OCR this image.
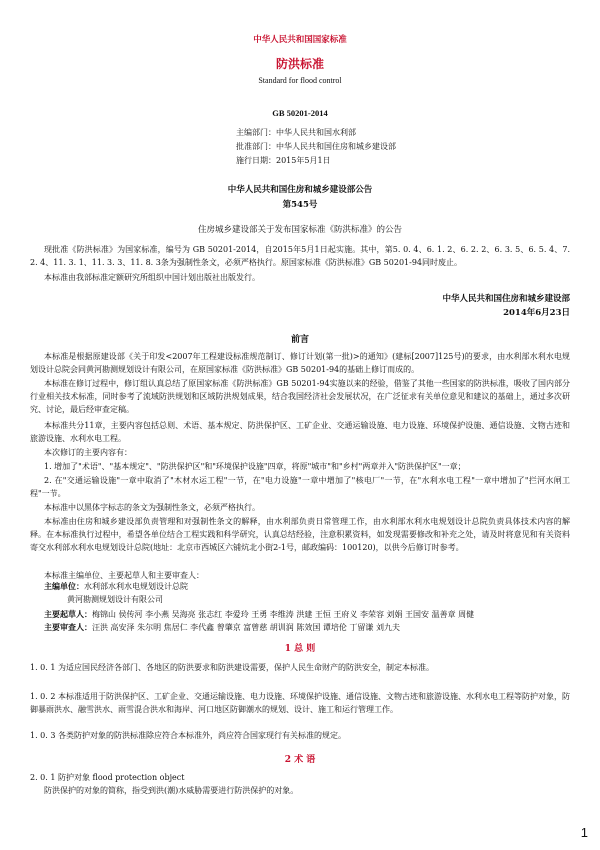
中华人民共和国国家标准
防洪标准
Standard for flood control
GB 50201-2014
主编部门：中华人民共和国水利部
批准部门：中华人民共和国住房和城乡建设部
施行日期：2015年5月1日
中华人民共和国住房和城乡建设部公告
第545号
住房城乡建设部关于发布国家标准《防洪标准》的公告
现批准《防洪标准》为国家标准，编号为 GB 50201-2014，自2015年5月1日起实施。其中，第5. 0. 4、6. 1. 2、6. 2. 2、6. 3. 5、6. 5. 4、7. 2. 4、11. 3. 1、11. 3. 3、11. 8. 3条为强制性条文，必须严格执行。原国家标准《防洪标准》GB 50201-94同时废止。
本标准由我部标准定额研究所组织中国计划出版社出版发行。
中华人民共和国住房和城乡建设部
2014年6月23日
前言
本标准是根据原建设部《关于印发<2007年工程建设标准规范制订、修订计划(第一批)>的通知》(建标[2007]125号)的要求，由水利部水利水电规划设计总院会同黄河勘测规划设计有限公司，在原国家标准《防洪标准》GB 50201-94的基础上修订而成的。
本标准在修订过程中，修订组认真总结了原国家标准《防洪标准》GB 50201-94实施以来的经验，借鉴了其他一些国家的防洪标准，吸收了国内部分行业相关技术标准，同时参考了流域防洪规划和区域防洪规划成果，结合我国经济社会发展状况，在广泛征求有关单位意见和建议的基础上，通过多次研究、讨论，最后经审查定稿。
本标准共分11章，主要内容包括总则、术语、基本规定、防洪保护区、工矿企业、交通运输设施、电力设施、环境保护设施、通信设施、文物古迹和旅游设施、水利水电工程。
本次修订的主要内容有：
1. 增加了"术语"、"基本规定"、"防洪保护区"和"环境保护设施"四章，将原"城市"和"乡村"两章并入"防洪保护区"一章；
2. 在"交通运输设施"一章中取消了"木材水运工程"一节，在"电力设施"一章中增加了"核电厂"一节，在"水利水电工程"一章中增加了"拦河水闸工程"一节。
本标准中以黑体字标志的条文为强制性条文，必须严格执行。
本标准由住房和城乡建设部负责管理和对强制性条文的解释，由水利部负责日常管理工作，由水利部水利水电规划设计总院负责具体技术内容的解释。在本标准执行过程中，希望各单位结合工程实践和科学研究，认真总结经验，注意积累资料，如发现需要修改和补充之处，请及时将意见和有关资料寄交水利部水利水电规划设计总院(地址：北京市西城区六铺炕北小街2-1号，邮政编码：100120)，以供今后修订时参考。
本标准主编单位、主要起草人和主要审查人：
主编单位：水利部水利水电规划设计总院
黄河勘测规划设计有限公司
主要起草人：梅锦山 侯传河 李小燕 吴海亮 张志红 李爱玲 王勇 李维涛 洪建 王恒 王府义 李荣容 刘娟 王国安 温善章 周健
主要审查人：汪洪 高安泽 朱尔明 焦居仁 李代鑫 曾肇京 富曾慈 胡训润 陈效国 谭培伦 丁留谦 刘九夫
1 总 则
1. 0. 1 为适应国民经济各部门、各地区的防洪要求和防洪建设需要，保护人民生命财产的防洪安全，制定本标准。
1. 0. 2 本标准适用于防洪保护区、工矿企业、交通运输设施、电力设施、环境保护设施、通信设施、文物古迹和旅游设施、水利水电工程等防护对象，防御暴雨洪水、融雪洪水、雨雪混合洪水和海岸、河口地区防御潮水的规划、设计、施工和运行管理工作。
1. 0. 3 各类防护对象的防洪标准除应符合本标准外，尚应符合国家现行有关标准的规定。
2 术 语
2. 0. 1 防护对象 flood protection object
防洪保护的对象的简称，指受到洪(潮)水威胁需要进行防洪保护的对象。
1
